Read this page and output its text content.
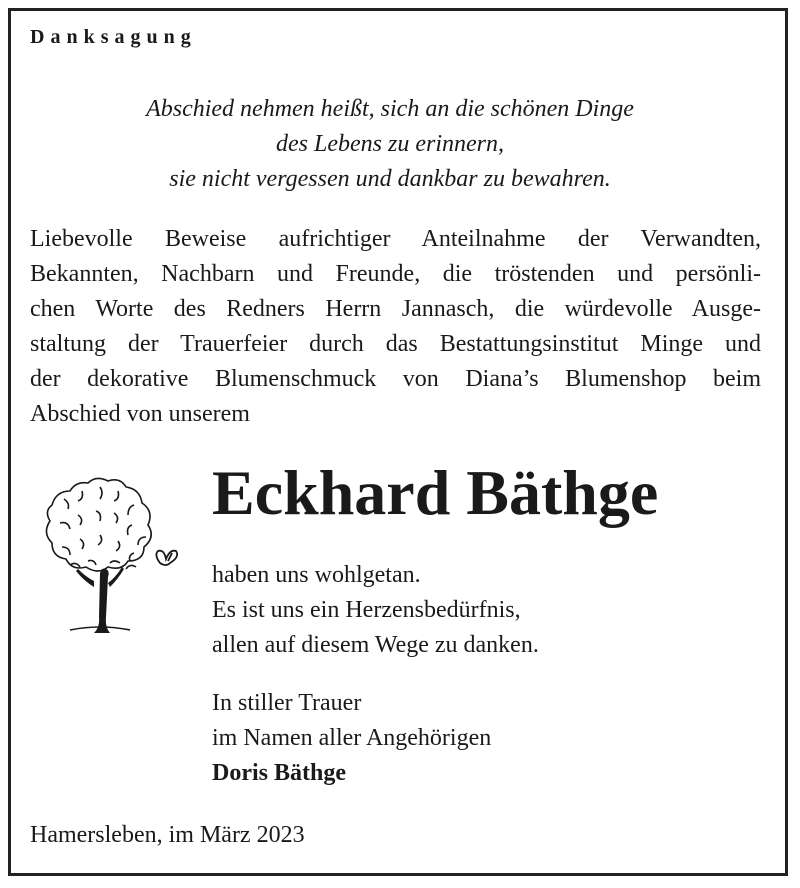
Danksagung
Abschied nehmen heißt, sich an die schönen Dinge
des Lebens zu erinnern,
sie nicht vergessen und dankbar zu bewahren.
Liebevolle Beweise aufrichtiger Anteilnahme der Verwandten,
Bekannten, Nachbarn und Freunde, die tröstenden und persönli-
chen Worte des Redners Herrn Jannasch, die würdevolle Ausge-
staltung der Trauerfeier durch das Bestattungsinstitut Minge und
der dekorative Blumenschmuck von Diana’s Blumenshop beim
Abschied von unserem
Eckhard Bäthge
haben uns wohlgetan.
Es ist uns ein Herzensbedürfnis,
allen auf diesem Wege zu danken.
In stiller Trauer
im Namen aller Angehörigen
Doris Bäthge
Hamersleben, im März 2023
